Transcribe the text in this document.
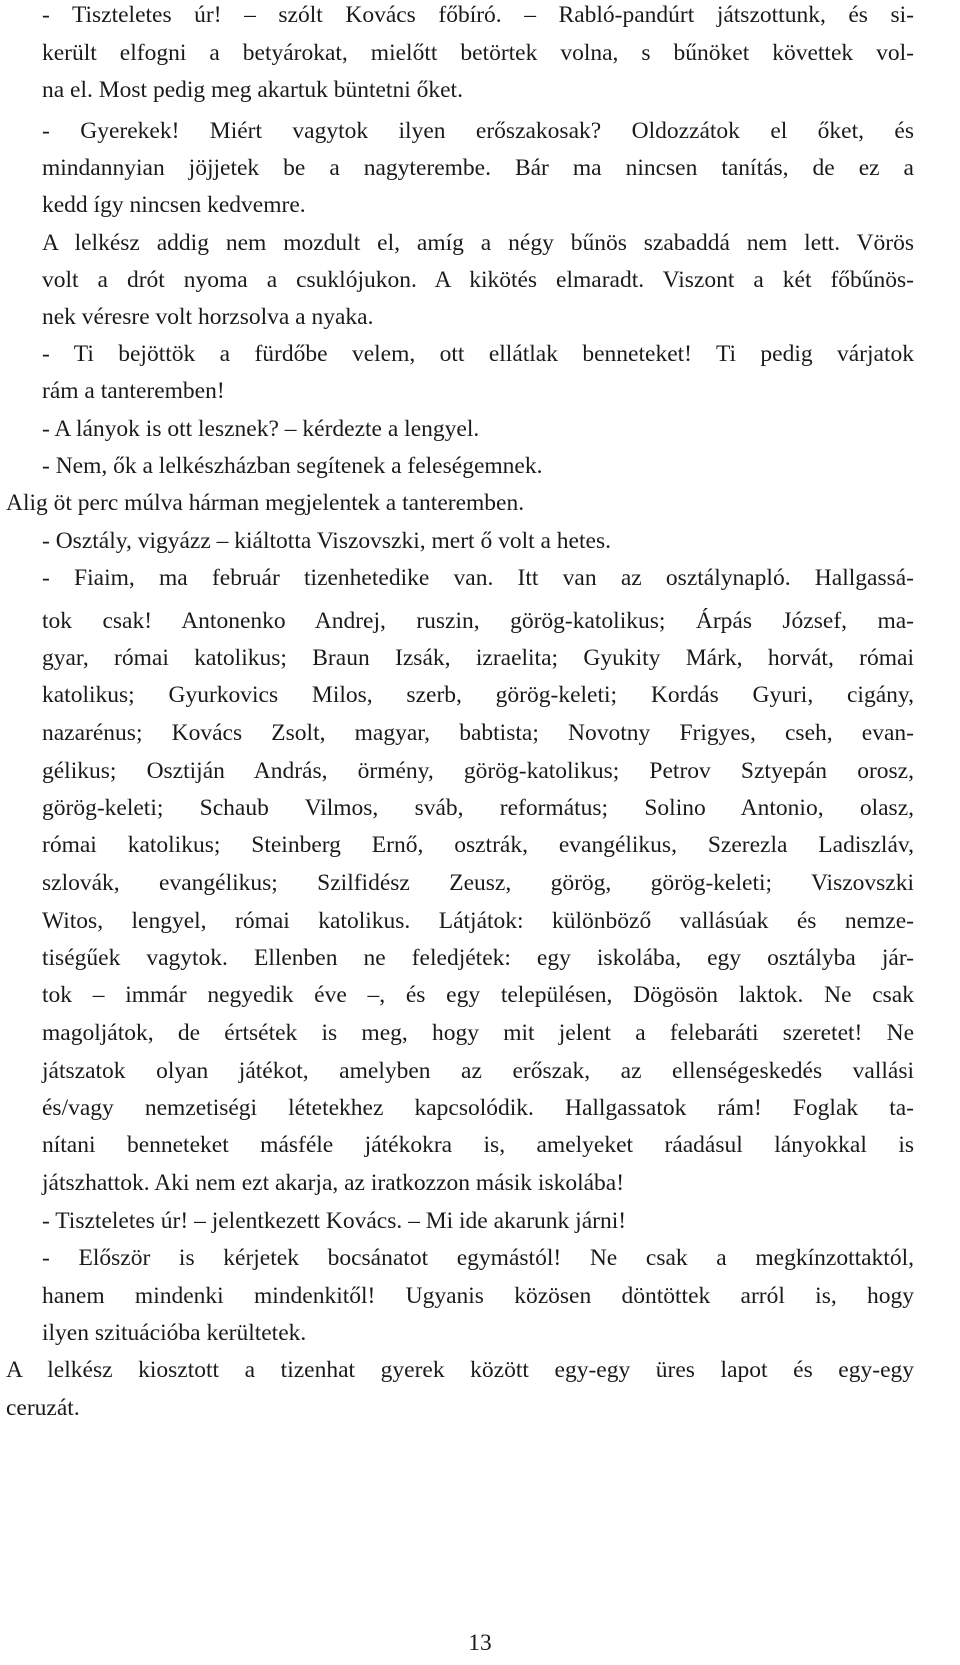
- Tiszteletes úr! – szólt Kovács főbíró. – Rabló-pandúrt játszottunk, és si-
került elfogni a betyárokat, mielőtt betörtek volna, s bűnöket követtek vol-
na el. Most pedig meg akartuk büntetni őket.
- Gyerekek! Miért vagytok ilyen erőszakosak? Oldozzátok el őket, és
mindannyian jöjjetek be a nagyterembe. Bár ma nincsen tanítás, de ez a
kedd így nincsen kedvemre.
A lelkész addig nem mozdult el, amíg a négy bűnös szabaddá nem lett. Vörös
volt a drót nyoma a csuklójukon. A kikötés elmaradt. Viszont a két főbűnös-
nek véresre volt horzsolva a nyaka.
- Ti bejöttök a fürdőbe velem, ott ellátlak benneteket! Ti pedig várjatok
rám a tanteremben!
- A lányok is ott lesznek? – kérdezte a lengyel.
- Nem, ők a lelkészházban segítenek a feleségemnek.
Alig öt perc múlva hárman megjelentek a tanteremben.
- Osztály, vigyázz – kiáltotta Viszovszki, mert ő volt a hetes.
- Fiaim, ma február tizenhetedike van. Itt van az osztálynapló. Hallgassá-
tok csak! Antonenko Andrej, ruszin, görög-katolikus; Árpás József, ma-
gyar, római katolikus; Braun Izsák, izraelita; Gyukity Márk, horvát, római
katolikus; Gyurkovics Milos, szerb, görög-keleti; Kordás Gyuri, cigány,
nazarénus; Kovács Zsolt, magyar, babtista; Novotny Frigyes, cseh, evan-
gélikus; Osztiján András, örmény, görög-katolikus; Petrov Sztyepán orosz,
görög-keleti; Schaub Vilmos, sváb, református; Solino Antonio, olasz,
római katolikus; Steinberg Ernő, osztrák, evangélikus, Szerezla Ladiszláv,
szlovák, evangélikus; Szilfidész Zeusz, görög, görög-keleti; Viszovszki
Witos, lengyel, római katolikus. Látjátok: különböző vallásúak és nemze-
tiségűek vagytok. Ellenben ne feledjétek: egy iskolába, egy osztályba jár-
tok – immár negyedik éve –, és egy településen, Dögösön laktok. Ne csak
magoljátok, de értsétek is meg, hogy mit jelent a felebaráti szeretet! Ne
játszatok olyan játékot, amelyben az erőszak, az ellenségeskedés vallási
és/vagy nemzetiségi létetekhez kapcsolódik. Hallgassatok rám! Foglak ta-
nítani benneteket másféle játékokra is, amelyeket ráadásul lányokkal is
játszhattok. Aki nem ezt akarja, az iratkozzon másik iskolába!
- Tiszteletes úr! – jelentkezett Kovács. – Mi ide akarunk járni!
- Először is kérjetek bocsánatot egymástól! Ne csak a megkínzottaktól,
hanem mindenki mindenkitől! Ugyanis közösen döntöttek arról is, hogy
ilyen szituációba kerültetek.
A lelkész kiosztott a tizenhat gyerek között egy-egy üres lapot és egy-egy
ceruzát.
13
